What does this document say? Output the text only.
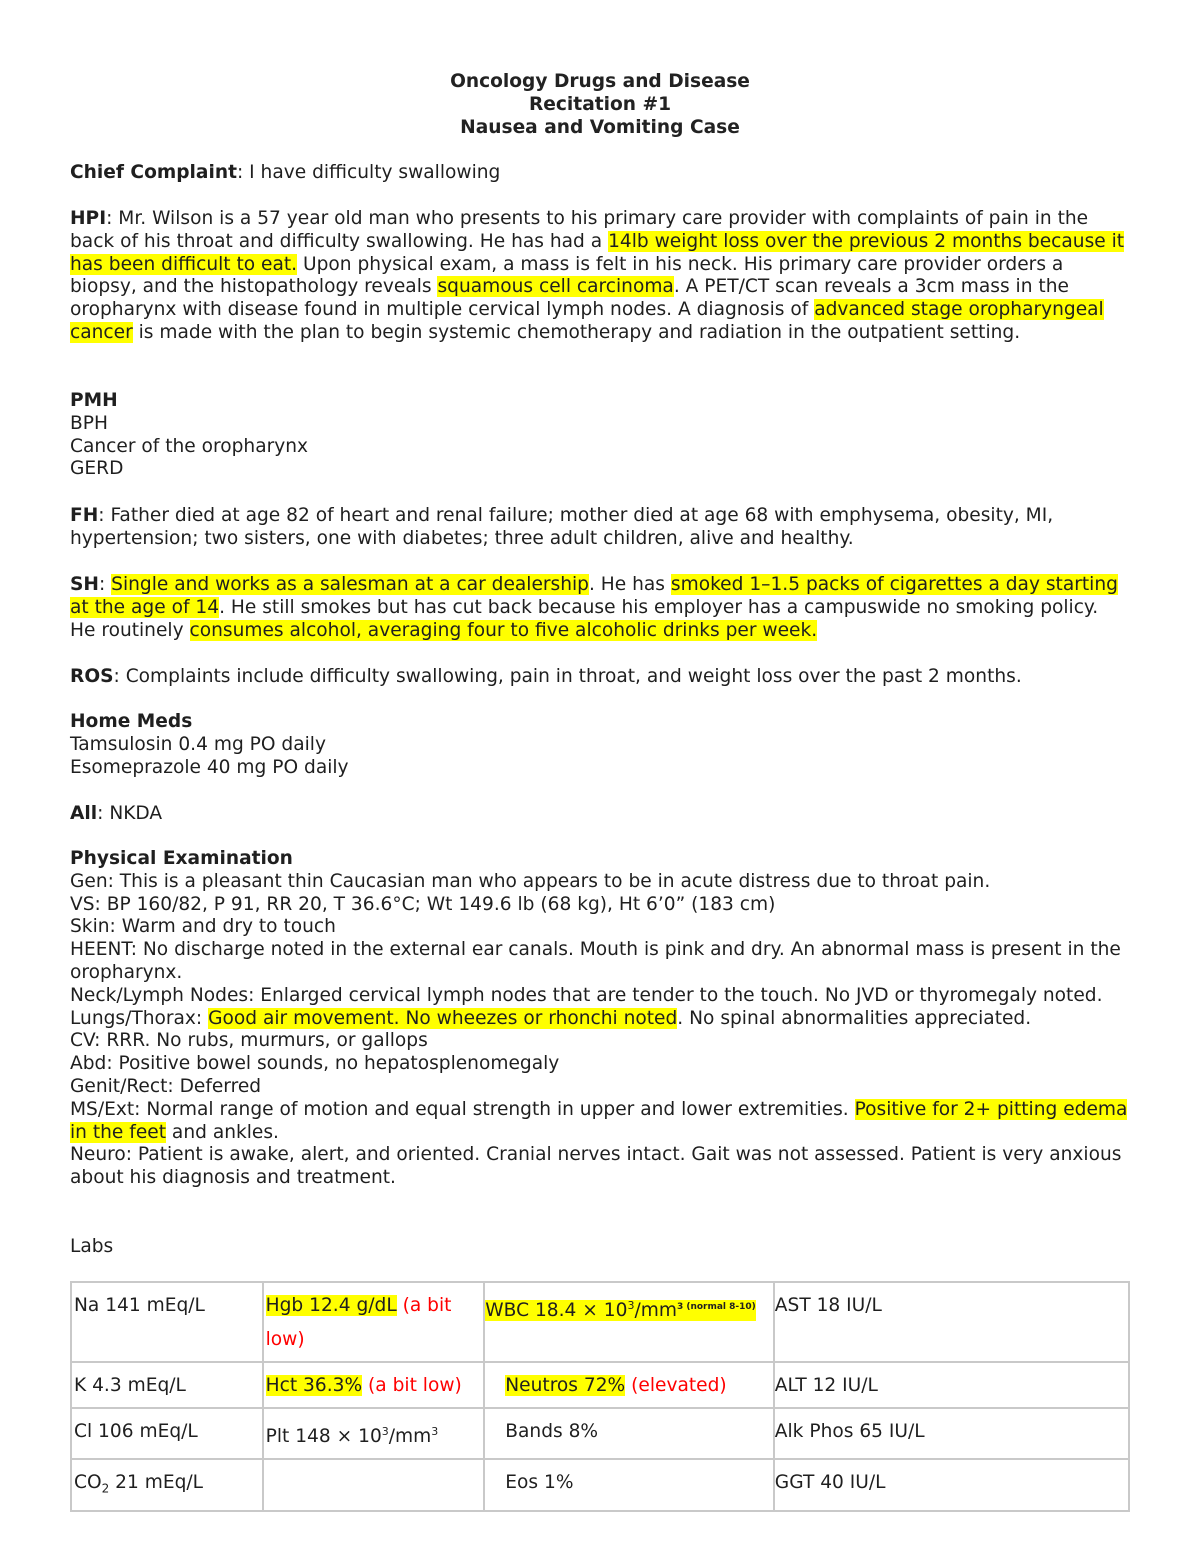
Oncology Drugs and Disease
Recitation #1
Nausea and Vomiting Case
Chief Complaint: I have difficulty swallowing
HPI: Mr. Wilson is a 57 year old man who presents to his primary care provider with complaints of pain in the back of his throat and difficulty swallowing. He has had a 14lb weight loss over the previous 2 months because it has been difficult to eat. Upon physical exam, a mass is felt in his neck. His primary care provider orders a biopsy, and the histopathology reveals squamous cell carcinoma. A PET/CT scan reveals a 3cm mass in the oropharynx with disease found in multiple cervical lymph nodes. A diagnosis of advanced stage oropharyngeal cancer is made with the plan to begin systemic chemotherapy and radiation in the outpatient setting.
PMH
BPH
Cancer of the oropharynx
GERD
FH: Father died at age 82 of heart and renal failure; mother died at age 68 with emphysema, obesity, MI, hypertension; two sisters, one with diabetes; three adult children, alive and healthy.
SH: Single and works as a salesman at a car dealership. He has smoked 1–1.5 packs of cigarettes a day starting at the age of 14. He still smokes but has cut back because his employer has a campuswide no smoking policy. He routinely consumes alcohol, averaging four to five alcoholic drinks per week.
ROS: Complaints include difficulty swallowing, pain in throat, and weight loss over the past 2 months.
Home Meds
Tamsulosin 0.4 mg PO daily
Esomeprazole 40 mg PO daily
All: NKDA
Physical Examination
Gen: This is a pleasant thin Caucasian man who appears to be in acute distress due to throat pain.
VS: BP 160/82, P 91, RR 20, T 36.6°C; Wt 149.6 lb (68 kg), Ht 6’0” (183 cm)
Skin: Warm and dry to touch
HEENT: No discharge noted in the external ear canals. Mouth is pink and dry. An abnormal mass is present in the oropharynx.
Neck/Lymph Nodes: Enlarged cervical lymph nodes that are tender to the touch. No JVD or thyromegaly noted.
Lungs/Thorax: Good air movement. No wheezes or rhonchi noted. No spinal abnormalities appreciated.
CV: RRR. No rubs, murmurs, or gallops
Abd: Positive bowel sounds, no hepatosplenomegaly
Genit/Rect: Deferred
MS/Ext: Normal range of motion and equal strength in upper and lower extremities. Positive for 2+ pitting edema in the feet and ankles.
Neuro: Patient is awake, alert, and oriented. Cranial nerves intact. Gait was not assessed. Patient is very anxious about his diagnosis and treatment.
Labs
Na 141 mEq/L	Hgb 12.4 g/dL (a bit low)	WBC $18.4 \times 10^3/mm^{3 (normal 8-10)}$	AST 18 IU/L
K 4.3 mEq/L	Hct 36.3% (a bit low)	Neutros 72% (elevated)	ALT 12 IU/L
Cl 106 mEq/L	Plt $148 \times 10^3/mm^3$	Bands 8%	Alk Phos 65 IU/L
$CO_2$ 21 mEq/L		Eos 1%	GGT 40 IU/L
